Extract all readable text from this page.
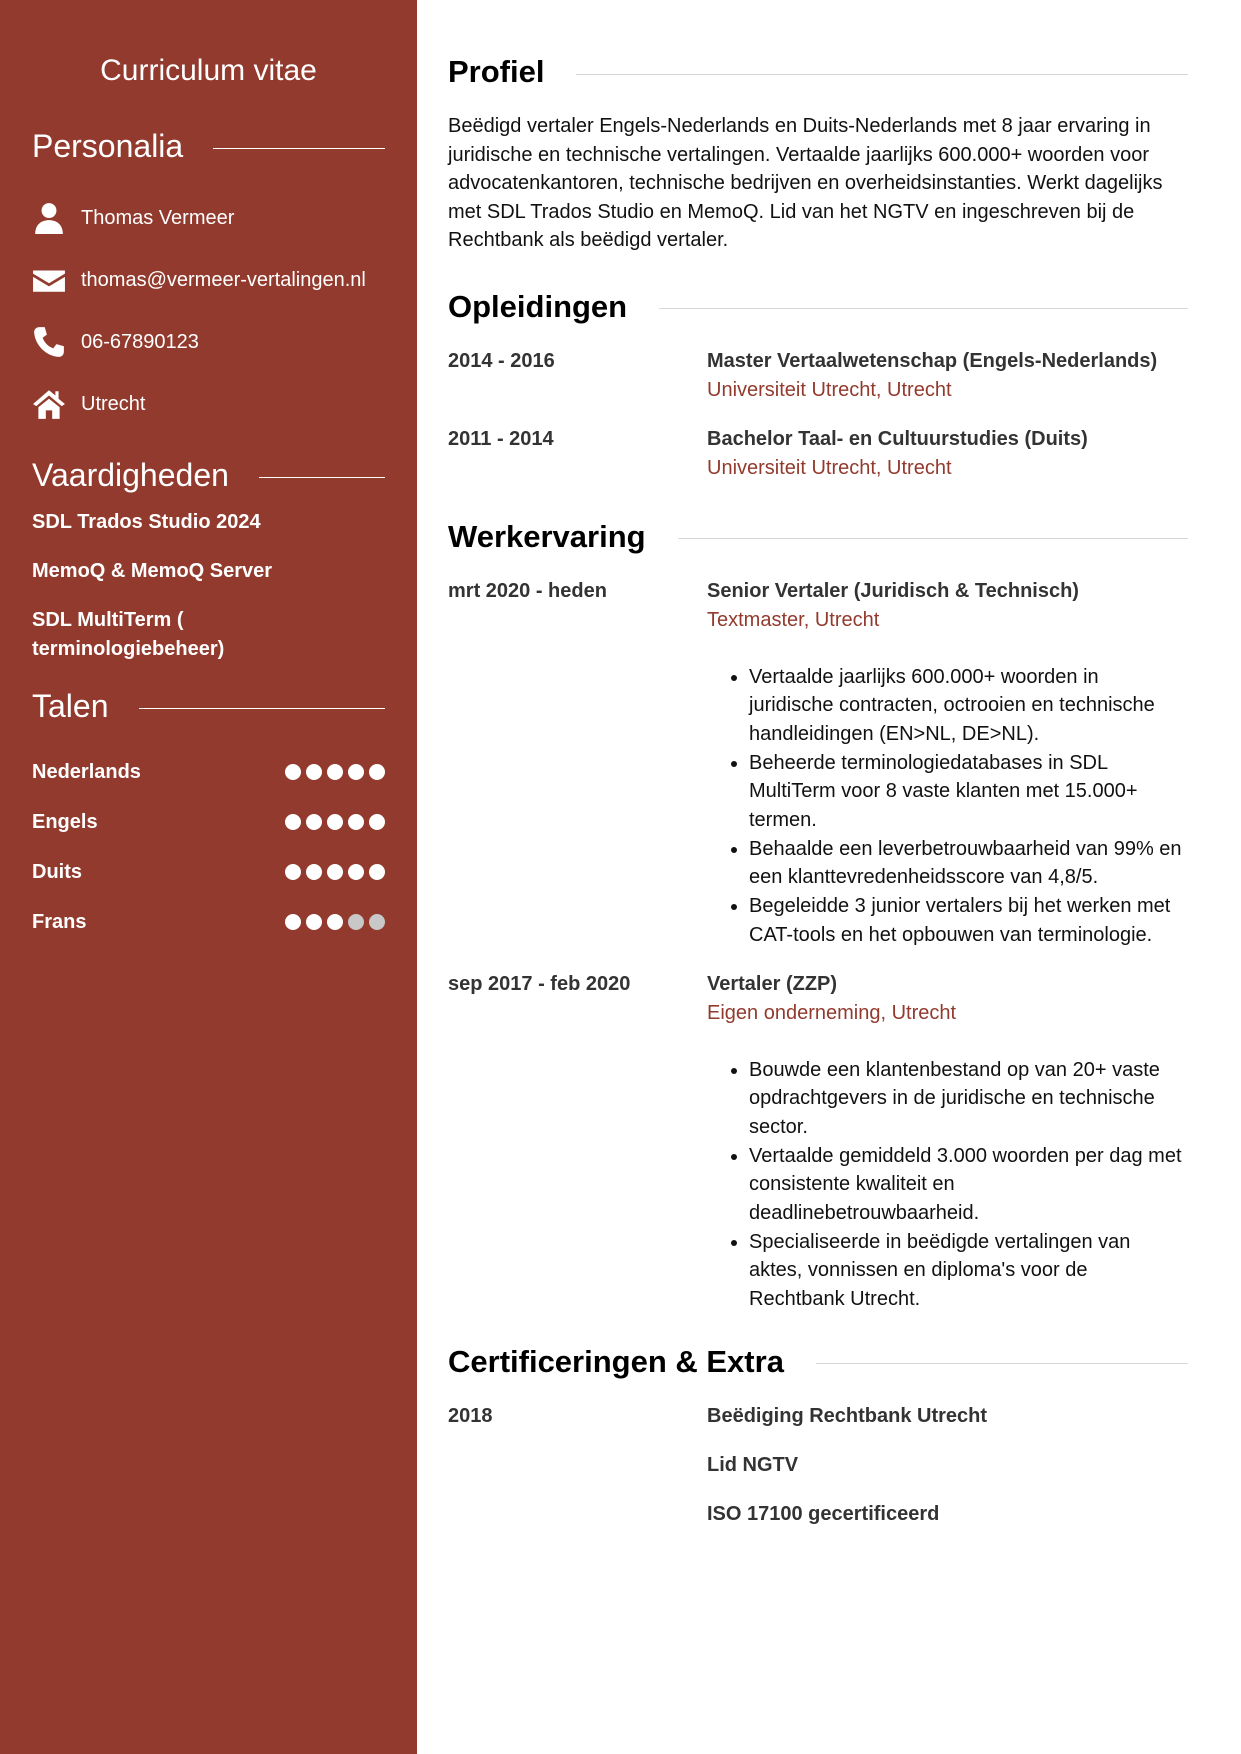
Curriculum vitae
Personalia
Thomas Vermeer
thomas@vermeer-vertalingen.nl
06-67890123
Utrecht
Vaardigheden
SDL Trados Studio 2024
MemoQ & MemoQ Server
SDL MultiTerm ( terminologiebeheer)
Talen
Nederlands
Engels
Duits
Frans
Profiel

Beëdigd vertaler Engels-Nederlands en Duits-Nederlands met 8 jaar ervaring in juridische en technische vertalingen. Vertaalde jaarlijks 600.000+ woorden voor advocatenkantoren, technische bedrijven en overheidsinstanties. Werkt dagelijks met SDL Trados Studio en MemoQ. Lid van het NGTV en ingeschreven bij de Rechtbank als beëdigd vertaler.

Opleidingen
2014 - 2016	Master Vertaalwetenschap (Engels-Nederlands)
Universiteit Utrecht, Utrecht
2011 - 2014	Bachelor Taal- en Cultuurstudies (Duits)
Universiteit Utrecht, Utrecht
Werkervaring
mrt 2020 - heden	Senior Vertaler (Juridisch & Technisch)
Textmaster, Utrecht
• Vertaalde jaarlijks 600.000+ woorden in juridische contracten, octrooien en technische handleidingen (EN>NL, DE>NL).
• Beheerde terminologiedatabases in SDL MultiTerm voor 8 vaste klanten met 15.000+ termen.
• Behaalde een leverbetrouwbaarheid van 99% en een klanttevredenheidsscore van 4,8/5.
• Begeleidde 3 junior vertalers bij het werken met CAT-tools en het opbouwen van terminologie.
sep 2017 - feb 2020	Vertaler (ZZP)
Eigen onderneming, Utrecht
• Bouwde een klantenbestand op van 20+ vaste opdrachtgevers in de juridische en technische sector.
• Vertaalde gemiddeld 3.000 woorden per dag met consistente kwaliteit en deadlinebetrouwbaarheid.
• Specialiseerde in beëdigde vertalingen van aktes, vonnissen en diploma's voor de Rechtbank Utrecht.
Certificeringen & Extra
2018	Beëdiging Rechtbank Utrecht
Lid NGTV
ISO 17100 gecertificeerd
